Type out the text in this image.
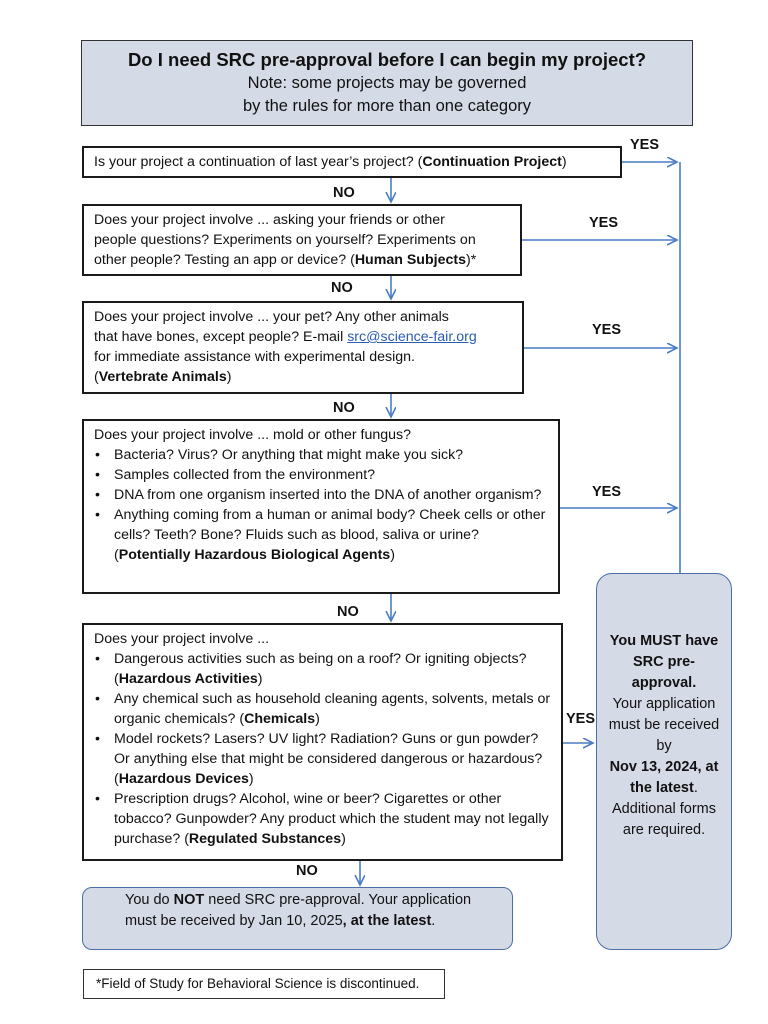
Do I need SRC pre-approval before I can begin my project?
Note: some projects may be governed
by the rules for more than one category
Is your project a continuation of last year’s project? (Continuation Project)
Does your project involve ... asking your friends or other
people questions? Experiments on yourself? Experiments on
other people? Testing an app or device? (Human Subjects)*
Does your project involve ... your pet? Any other animals
that have bones, except people? E-mail src@science-fair.org
for immediate assistance with experimental design.
(Vertebrate Animals)
Does your project involve ... mold or other fungus?
• Bacteria? Virus? Or anything that might make you sick?
• Samples collected from the environment?
• DNA from one organism inserted into the DNA of another organism?
• Anything coming from a human or animal body? Cheek cells or other cells? Teeth? Bone? Fluids such as blood, saliva or urine?
(Potentially Hazardous Biological Agents)
Does your project involve ...
• Dangerous activities such as being on a roof? Or igniting objects? (Hazardous Activities)
• Any chemical such as household cleaning agents, solvents, metals or organic chemicals? (Chemicals)
• Model rockets? Lasers? UV light? Radiation? Guns or gun powder? Or anything else that might be considered dangerous or hazardous? (Hazardous Devices)
• Prescription drugs? Alcohol, wine or beer? Cigarettes or other tobacco? Gunpowder? Any product which the student may not legally purchase? (Regulated Substances)
YES
YES
YES
YES
YES
NO
NO
NO
NO
NO
You MUST have SRC pre-approval.
Your application must be received by
Nov 13, 2024, at the latest. Additional forms are required.
You do NOT need SRC pre-approval. Your application must be received by Jan 10, 2025, at the latest.
*Field of Study for Behavioral Science is discontinued.
